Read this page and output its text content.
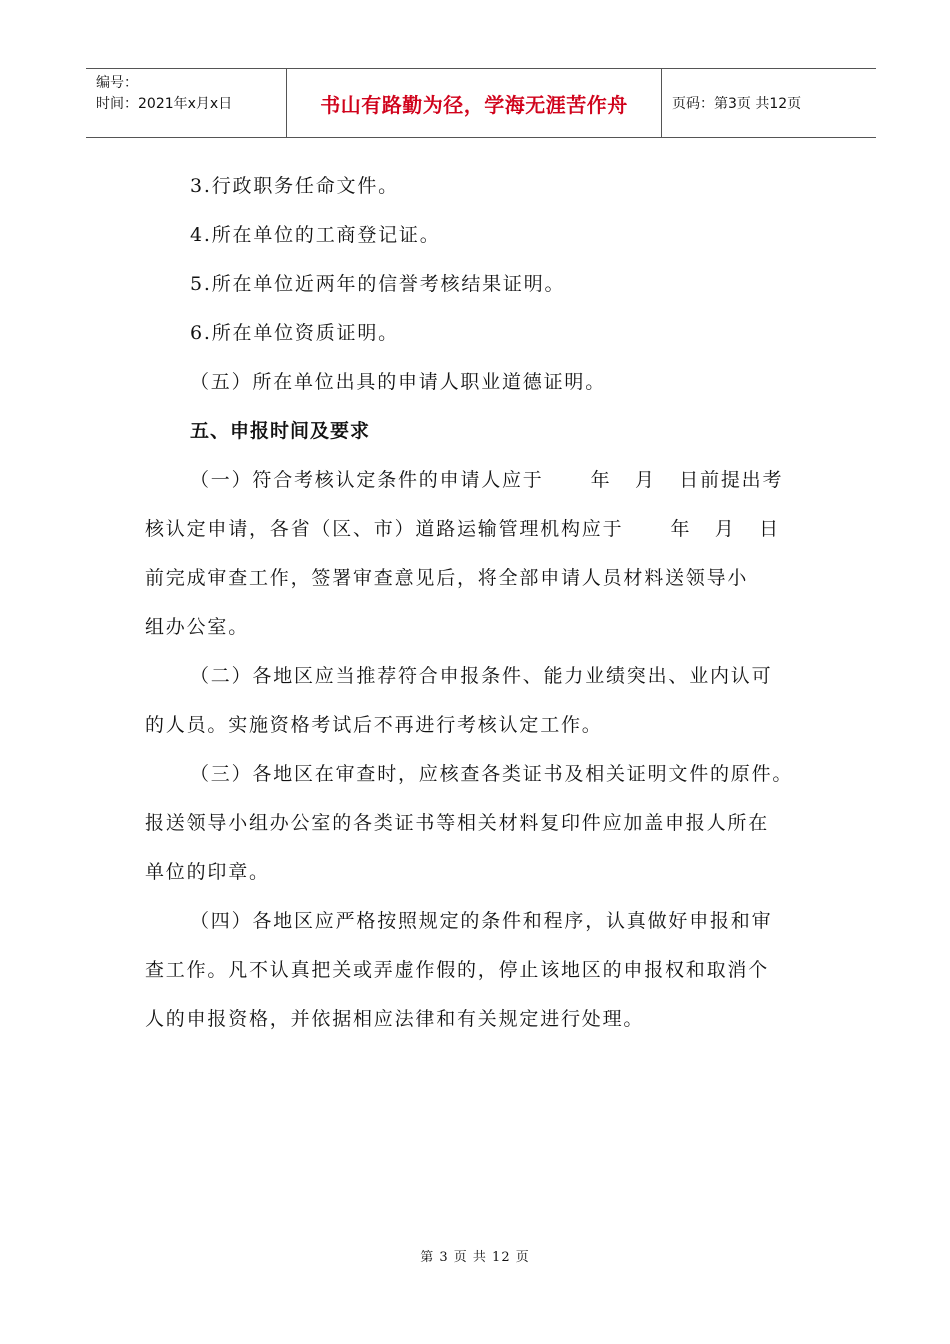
编号：
时间：2021年x月x日	书山有路勤为径，学海无涯苦作舟	页码：第3页 共12页
3.行政职务任命文件。
4.所在单位的工商登记证。
5.所在单位近两年的信誉考核结果证明。
6.所在单位资质证明。
（五）所在单位出具的申请人职业道德证明。
五、申报时间及要求
（一）符合考核认定条件的申请人应于      年   月   日前提出考
核认定申请，各省（区、市）道路运输管理机构应于      年   月   日
前完成审查工作，签署审查意见后，将全部申请人员材料送领导小
组办公室。
（二）各地区应当推荐符合申报条件、能力业绩突出、业内认可
的人员。实施资格考试后不再进行考核认定工作。
（三）各地区在审查时，应核查各类证书及相关证明文件的原件。
报送领导小组办公室的各类证书等相关材料复印件应加盖申报人所在
单位的印章。
（四）各地区应严格按照规定的条件和程序，认真做好申报和审
查工作。凡不认真把关或弄虚作假的，停止该地区的申报权和取消个
人的申报资格，并依据相应法律和有关规定进行处理。
第 3 页 共 12 页
